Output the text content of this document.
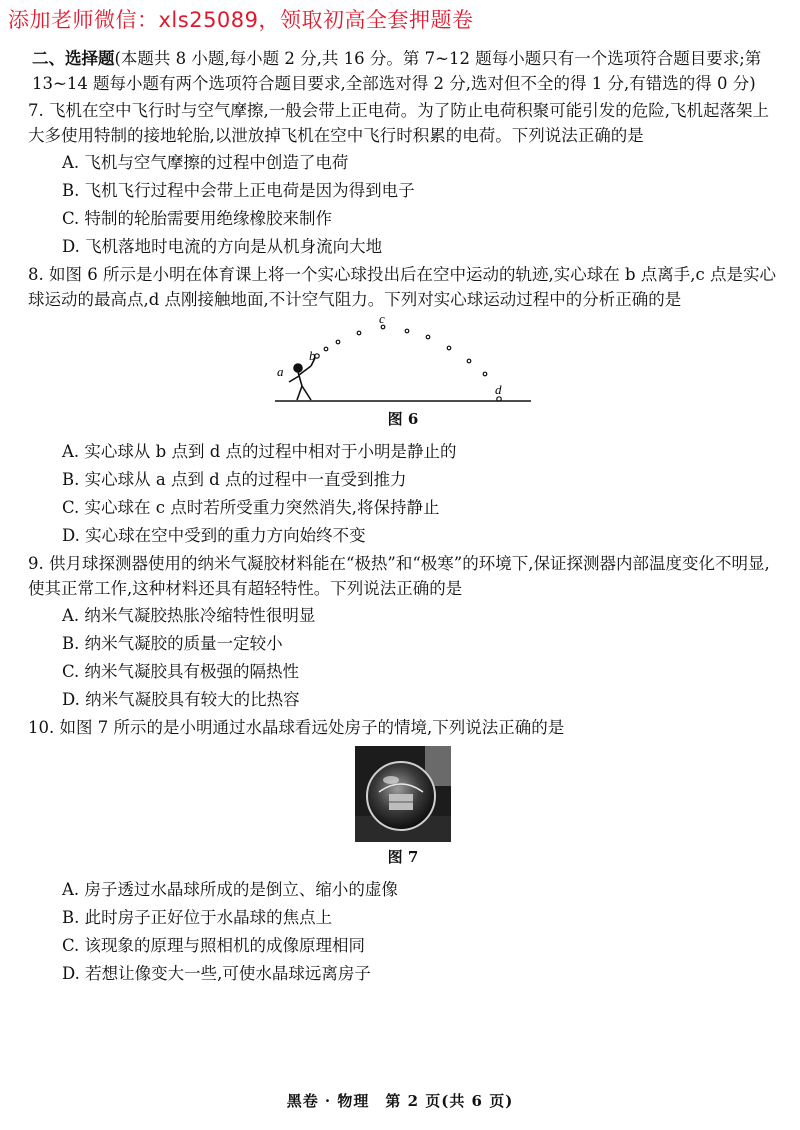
添加老师微信：xls25089，领取初高全套押题卷

二、选择题(本题共 8 小题,每小题 2 分,共 16 分。第 7~12 题每小题只有一个选项符合题目要求;第 13~14 题每小题有两个选项符合题目要求,全部选对得 2 分,选对但不全的得 1 分,有错选的得 0 分)

7. 飞机在空中飞行时与空气摩擦,一般会带上正电荷。为了防止电荷积聚可能引发的危险,飞机起落架上大多使用特制的接地轮胎,以泄放掉飞机在空中飞行时积累的电荷。下列说法正确的是

A. 飞机与空气摩擦的过程中创造了电荷
B. 飞机飞行过程中会带上正电荷是因为得到电子
C. 特制的轮胎需要用绝缘橡胶来制作
D. 飞机落地时电流的方向是从机身流向大地

8. 如图 6 所示是小明在体育课上将一个实心球投出后在空中运动的轨迹,实心球在 b 点离手,c 点是实心球运动的最高点,d 点刚接触地面,不计空气阻力。下列对实心球运动过程中的分析正确的是

a
b
c
d
图 6
A. 实心球从 b 点到 d 点的过程中相对于小明是静止的
B. 实心球从 a 点到 d 点的过程中一直受到推力
C. 实心球在 c 点时若所受重力突然消失,将保持静止
D. 实心球在空中受到的重力方向始终不变

9. 供月球探测器使用的纳米气凝胶材料能在“极热”和“极寒”的环境下,保证探测器内部温度变化不明显,使其正常工作,这种材料还具有超轻特性。下列说法正确的是

A. 纳米气凝胶热胀冷缩特性很明显
B. 纳米气凝胶的质量一定较小
C. 纳米气凝胶具有极强的隔热性
D. 纳米气凝胶具有较大的比热容

10. 如图 7 所示的是小明通过水晶球看远处房子的情境,下列说法正确的是

图 7
A. 房子透过水晶球所成的是倒立、缩小的虚像
B. 此时房子正好位于水晶球的焦点上
C. 该现象的原理与照相机的成像原理相同
D. 若想让像变大一些,可使水晶球远离房子
黑卷 · 物理　第 2 页(共 6 页)
